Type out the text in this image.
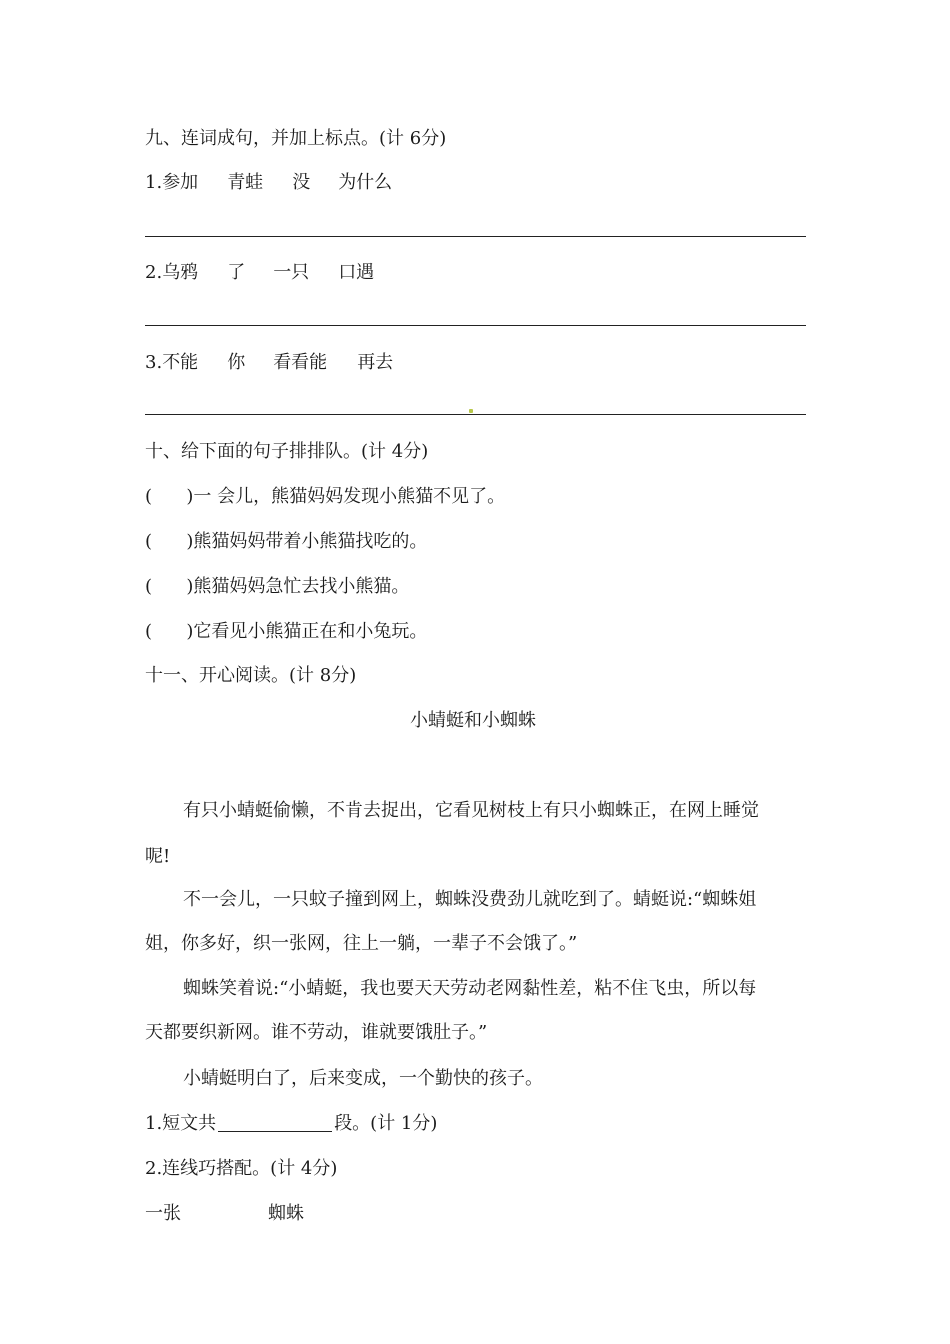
九、连词成句，并加上标点。(计 6分)
1.参加 青蛙 没 为什么
2.乌鸦 了 一只 口遇
3.不能 你 看看能 再去
十、给下面的句子排排队。(计 4分)
(      )一 会儿，熊猫妈妈发现小熊猫不见了。
(      )熊猫妈妈带着小熊猫找吃的。
(      )熊猫妈妈急忙去找小熊猫。
(      )它看见小熊猫正在和小兔玩。
十一、开心阅读。(计 8分)
小蜻蜓和小蜘蛛
有只小蜻蜓偷懒，不肯去捉出，它看见树枝上有只小蜘蛛正，在网上睡觉
呢!
不一会儿，一只蚊子撞到网上，蜘蛛没费劲儿就吃到了。蜻蜓说:“蜘蛛姐
姐，你多好，织一张网，往上一躺，一辈子不会饿了。”
蜘蛛笑着说:“小蜻蜓，我也要天天劳动老网黏性差，粘不住飞虫，所以每
天都要织新网。谁不劳动，谁就要饿肚子。”
小蜻蜓明白了，后来变成，一个勤快的孩子。
1.短文共	段。(计 1分)
2.连线巧搭配。(计 4分)
一张	蜘蛛
